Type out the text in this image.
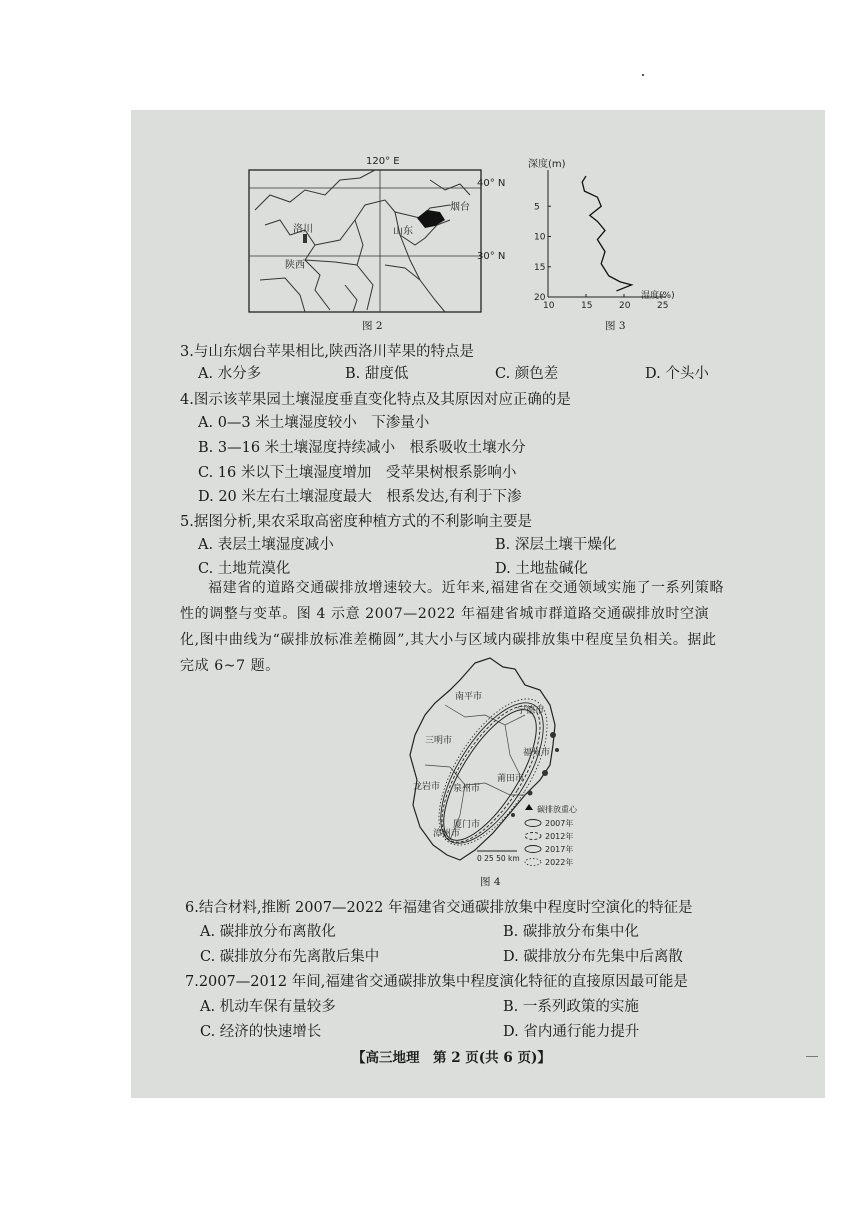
120° E
40° N
30° N
烟台
洛川	山东
陕西
图 2
10	15	20	25
5
10
15
20
深度(m)
湿度(%)
图 3
3.与山东烟台苹果相比,陕西洛川苹果的特点是
A. 水分多	B. 甜度低	C. 颜色差	D. 个头小
4.图示该苹果园土壤湿度垂直变化特点及其原因对应正确的是
A. 0—3 米土壤湿度较小　下渗量小
B. 3—16 米土壤湿度持续减小　根系吸收土壤水分
C. 16 米以下土壤湿度增加　受苹果树根系影响小
D. 20 米左右土壤湿度最大　根系发达,有利于下渗
5.据图分析,果农采取高密度种植方式的不利影响主要是
A. 表层土壤湿度减小	B. 深层土壤干燥化
C. 土地荒漠化	D. 土地盐碱化
福建省的道路交通碳排放增速较大。近年来,福建省在交通领域实施了一系列策略性的调整与变革。图 4 示意 2007—2022 年福建省城市群道路交通碳排放时空演化,图中曲线为“碳排放标准差椭圆”,其大小与区域内碳排放集中程度呈负相关。据此完成 6~7 题。
南平市
宁德市
三明市
福州市
莆田市
泉州市
龙岩市
厦门市
漳州市
碳排放重心
2007年
2012年
2017年
2022年
0 25 50 km
图 4
6.结合材料,推断 2007—2022 年福建省交通碳排放集中程度时空演化的特征是
A. 碳排放分布离散化	B. 碳排放分布集中化
C. 碳排放分布先离散后集中	D. 碳排放分布先集中后离散
7.2007—2012 年间,福建省交通碳排放集中程度演化特征的直接原因最可能是
A. 机动车保有量较多	B. 一系列政策的实施
C. 经济的快速增长	D. 省内通行能力提升
【高三地理　第 2 页(共 6 页)】
